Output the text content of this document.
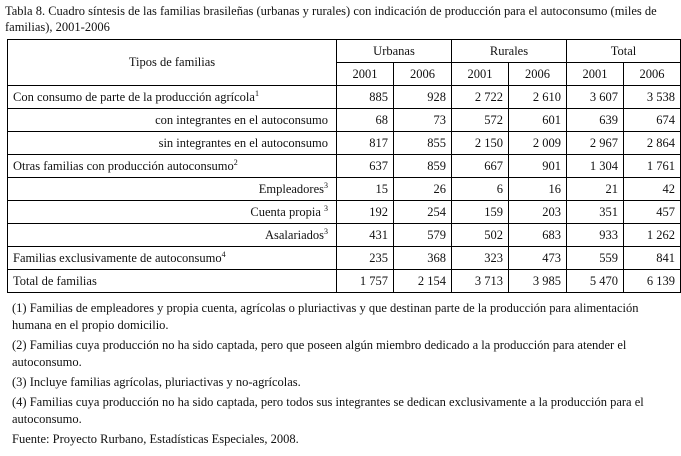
Tabla 8. Cuadro síntesis de las familias brasileñas (urbanas y rurales) con indicación de producción para el autoconsumo (miles de familias), 2001-2006
Tipos de familias	Urbanas		Rurales		Total	
	2001	2006	2001	2006	2001	2006
Con consumo de parte de la producción agrícola$^1$	885	928	2 722	2 610	3 607	3 538
con integrantes en el autoconsumo	68	73	572	601	639	674
sin integrantes en el autoconsumo	817	855	2 150	2 009	2 967	2 864
Otras familias con producción autoconsumo$^2$	637	859	667	901	1 304	1 761
Empleadores$^3$	15	26	6	16	21	42
Cuenta propia $^3$	192	254	159	203	351	457
Asalariados$^3$	431	579	502	683	933	1 262
Familias exclusivamente de autoconsumo$^4$	235	368	323	473	559	841
Total de familias	1 757	2 154	3 713	3 985	5 470	6 139

(1) Familias de empleadores y propia cuenta, agrícolas o pluriactivas y que destinan parte de la producción para alimentación humana en el propio domicilio.

(2) Familias cuya producción no ha sido captada, pero que poseen algún miembro dedicado a la producción para atender el autoconsumo.

(3) Incluye familias agrícolas, pluriactivas y no-agrícolas.

(4) Familias cuya producción no ha sido captada, pero todos sus integrantes se dedican exclusivamente a la producción para el autoconsumo.

Fuente: Proyecto Rurbano, Estadísticas Especiales, 2008.
